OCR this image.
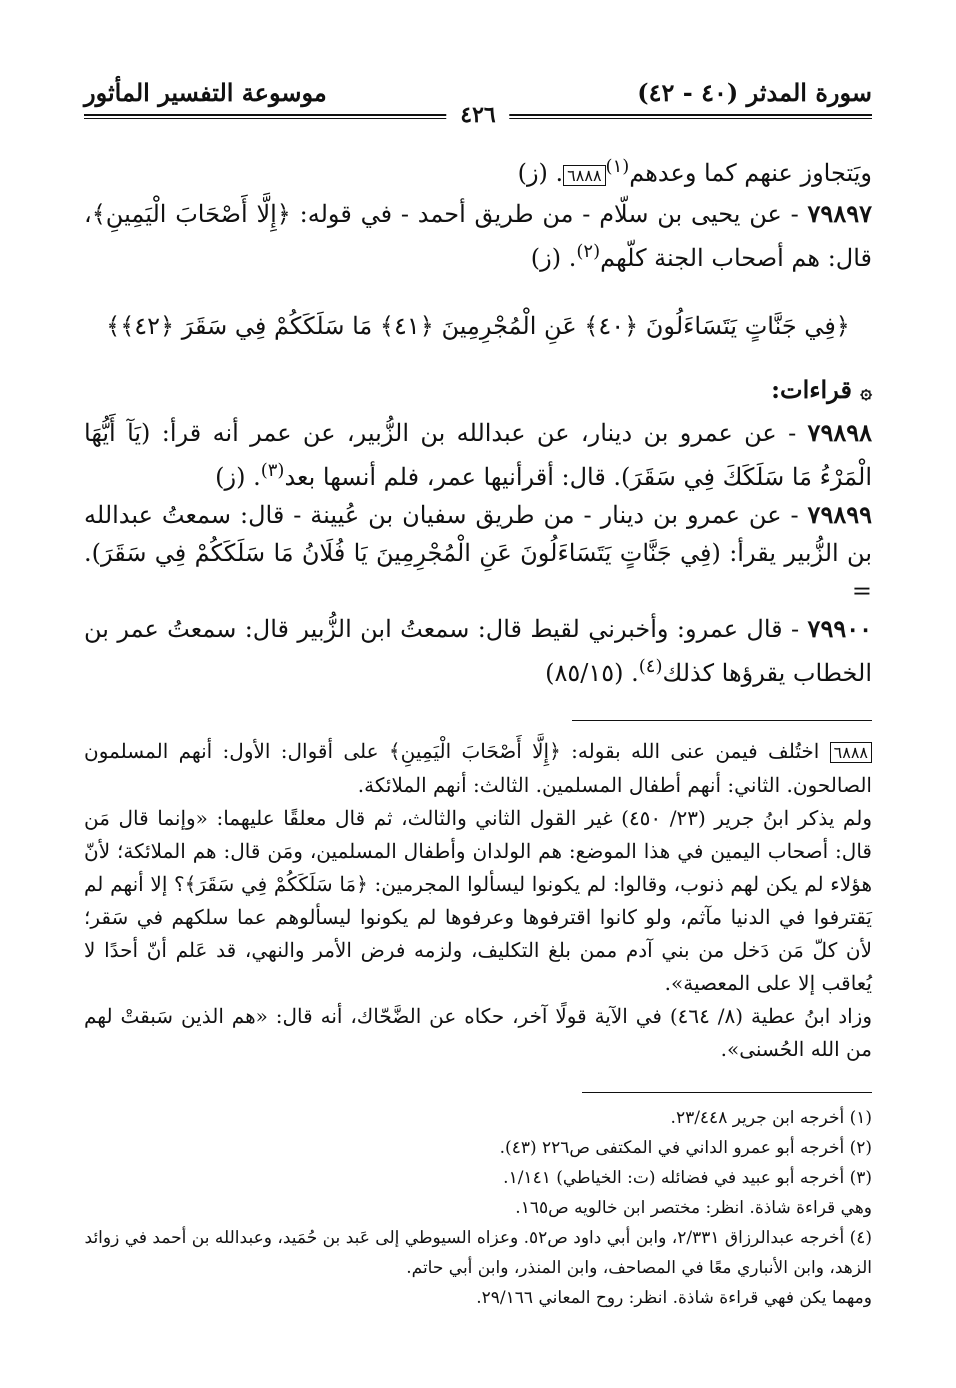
سورة المدثر (٤٠ - ٤٢)
موسوعة التفسير المأثور
٤٢٦

ويَتجاوز عنهم كما وعدهم$^{(١)}$٦٨٨٨. (ز)

٧٩٨٩٧ - عن يحيى بن سلّام - من طريق أحمد - في قوله: ﴿إِلَّا أَصْحَابَ الْيَمِينِ﴾، قال: هم أصحاب الجنة كلّهم$^{(٢)}$. (ز)

﴿فِي جَنَّاتٍ يَتَسَاءَلُونَ ﴿٤٠﴾ عَنِ الْمُجْرِمِينَ ﴿٤١﴾ مَا سَلَكَكُمْ فِي سَقَرَ ﴿٤٢﴾﴾
۞ قراءات:

٧٩٨٩٨ - عن عمرو بن دينار، عن عبدالله بن الزُّبير، عن عمر أنه قرأ: (يَآ أَيُّهَا الْمَرْءُ مَا سَلَكَكَ فِي سَقَرَ). قال: أقرأنيها عمر، فلم أنسها بعد$^{(٣)}$. (ز)

٧٩٨٩٩ - عن عمرو بن دينار - من طريق سفيان بن عُيينة - قال: سمعتُ عبدالله بن الزُّبير يقرأ: (فِي جَنَّاتٍ يَتَسَاءَلُونَ عَنِ الْمُجْرِمِينَ يَا فُلَانُ مَا سَلَكَكُمْ فِي سَقَرَ). =

٧٩٩٠٠ - قال عمرو: وأخبرني لقيط قال: سمعتُ ابن الزُّبير قال: سمعتُ عمر بن الخطاب يقرؤها كذلك$^{(٤)}$. (٨٥/١٥)

٦٨٨٨ اختُلف فيمن عنى الله بقوله: ﴿إِلَّا أَصْحَابَ الْيَمِينِ﴾ على أقوال: الأول: أنهم المسلمون الصالحون. الثاني: أنهم أطفال المسلمين. الثالث: أنهم الملائكة.

ولم يذكر ابنُ جرير (٢٣/ ٤٥٠) غير القول الثاني والثالث، ثم قال معلقًا عليهما: «وإنما قال مَن قال: أصحاب اليمين في هذا الموضع: هم الولدان وأطفال المسلمين، ومَن قال: هم الملائكة؛ لأنّ هؤلاء لم يكن لهم ذنوب، وقالوا: لم يكونوا ليسألوا المجرمين: ﴿مَا سَلَكَكُمْ فِي سَقَرَ﴾؟ إلا أنهم لم يَقترفوا في الدنيا مآثم، ولو كانوا اقترفوها وعرفوها لم يكونوا ليسألوهم عما سلكهم في سَقر؛ لأن كلّ مَن دَخل من بني آدم ممن بلغ التكليف، ولزمه فرض الأمر والنهي، قد عَلم أنّ أحدًا لا يُعاقب إلا على المعصية».

وزاد ابنُ عطية (٨/ ٤٦٤) في الآية قولًا آخر، حكاه عن الضَّحّاك، أنه قال: «هم الذين سَبقتْ لهم من الله الحُسنى».

(١) أخرجه ابن جرير ٢٣/٤٤٨.

(٢) أخرجه أبو عمرو الداني في المكتفى ص٢٢٦ (٤٣).

(٣) أخرجه أبو عبيد في فضائله (ت: الخياطي) ١/١٤١.

وهي قراءة شاذة. انظر: مختصر ابن خالويه ص١٦٥.

(٤) أخرجه عبدالرزاق ٢/٣٣١، وابن أبي داود ص٥٢. وعزاه السيوطي إلى عَبد بن حُمَيد، وعبدالله بن أحمد في زوائد الزهد، وابن الأنباري معًا في المصاحف، وابن المنذر، وابن أبي حاتم.

ومهما يكن فهي قراءة شاذة. انظر: روح المعاني ٢٩/١٦٦.
